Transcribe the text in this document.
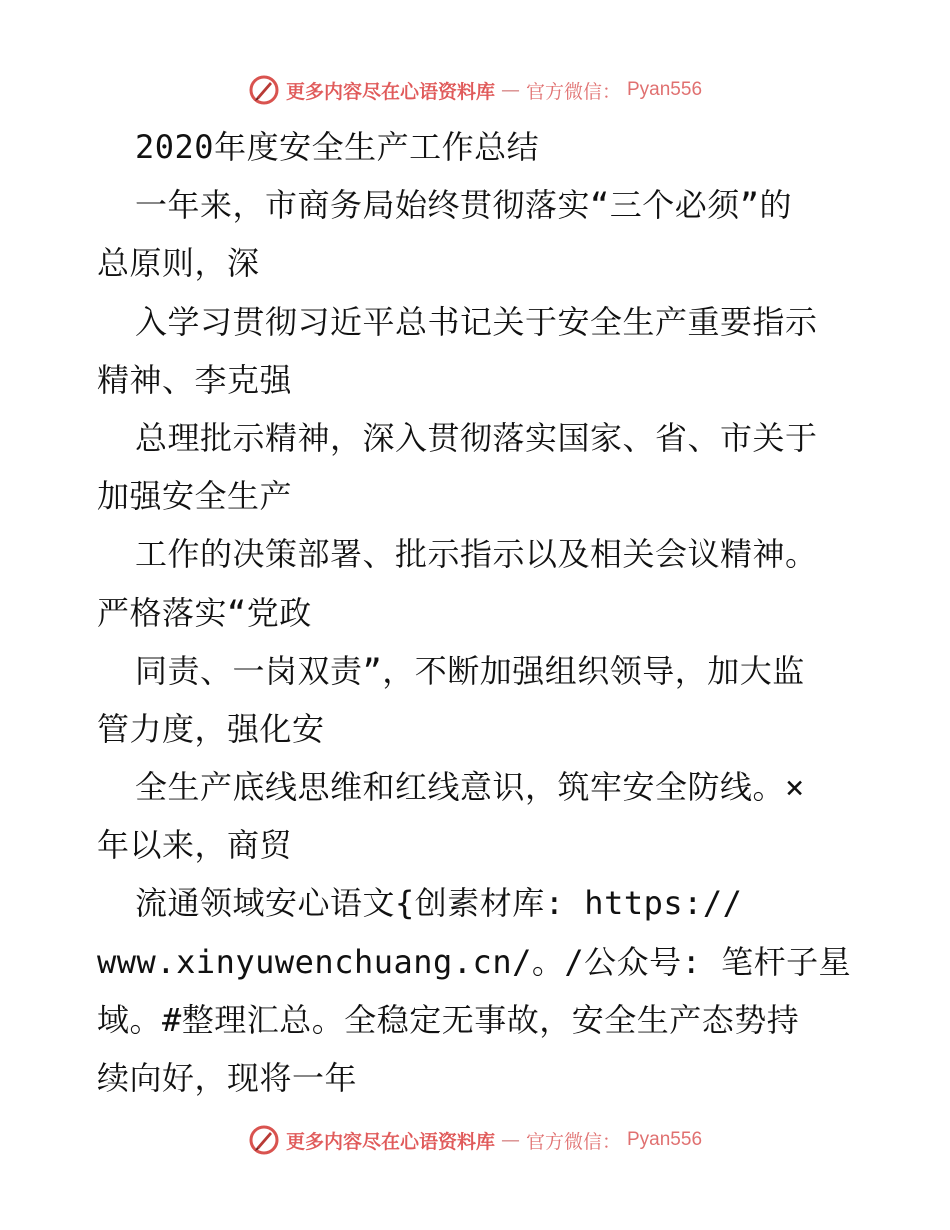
更多内容尽在心语资料库 — 官方微信： Pyan556
2020年度安全生产工作总结
一年来，市商务局始终贯彻落实“三个必须”的
总原则，深
入学习贯彻习近平总书记关于安全生产重要指示
精神、李克强
总理批示精神，深入贯彻落实国家、省、市关于
加强安全生产
工作的决策部署、批示指示以及相关会议精神。
严格落实“党政
同责、一岗双责”，不断加强组织领导，加大监
管力度，强化安
全生产底线思维和红线意识，筑牢安全防线。×
年以来，商贸
流通领域安心语文{创素材库: https://
www.xinyuwenchuang.cn/。/公众号: 笔杆子星
域。#整理汇总。全稳定无事故，安全生产态势持
续向好，现将一年
更多内容尽在心语资料库 — 官方微信： Pyan556
